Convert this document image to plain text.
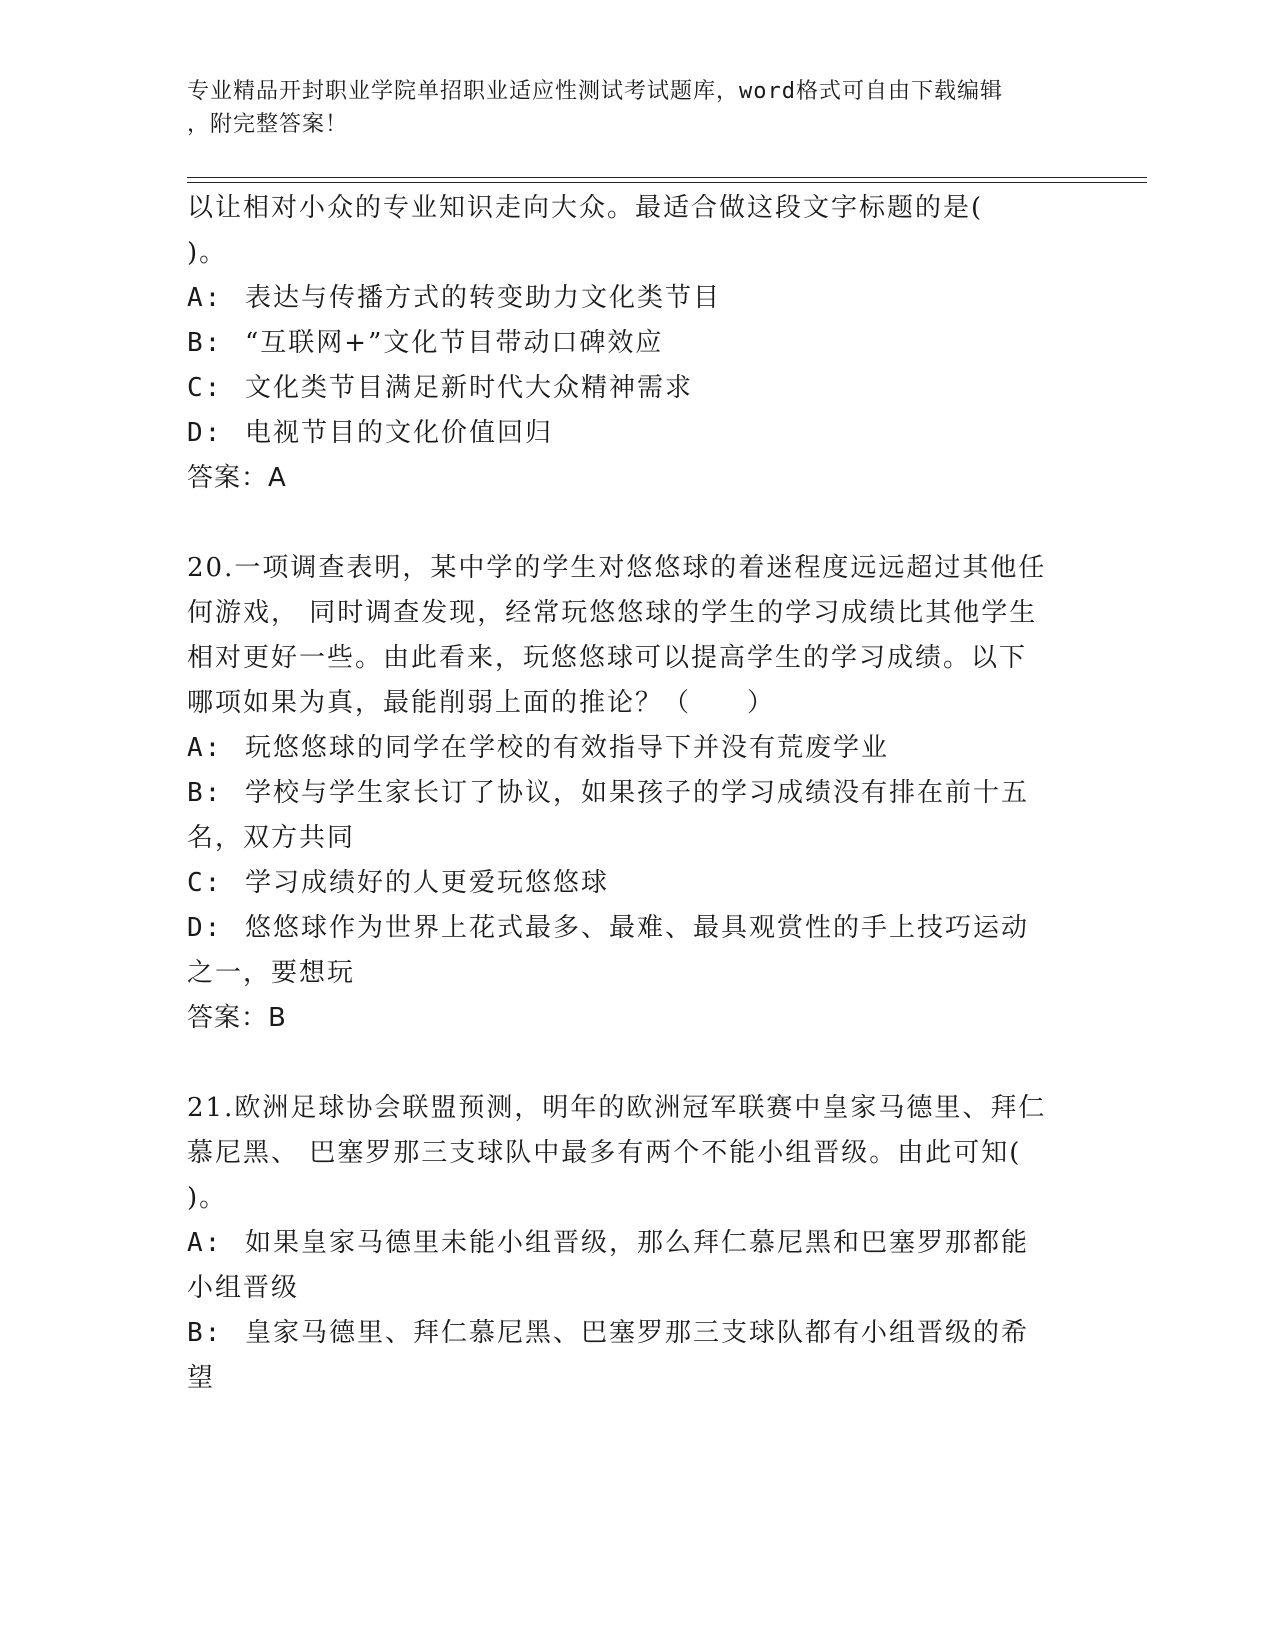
专业精品开封职业学院单招职业适应性测试考试题库，word格式可自由下载编辑
，附完整答案！
以让相对小众的专业知识走向大众。最适合做这段文字标题的是(
)。
A: 表达与传播方式的转变助力文化类节目
B: “互联网+”文化节目带动口碑效应
C: 文化类节目满足新时代大众精神需求
D: 电视节目的文化价值回归
答案：A
20.一项调查表明，某中学的学生对悠悠球的着迷程度远远超过其他任
何游戏， 同时调查发现，经常玩悠悠球的学生的学习成绩比其他学生
相对更好一些。由此看来，玩悠悠球可以提高学生的学习成绩。以下
哪项如果为真，最能削弱上面的推论？（　　）
A: 玩悠悠球的同学在学校的有效指导下并没有荒废学业
B: 学校与学生家长订了协议，如果孩子的学习成绩没有排在前十五
名，双方共同
C: 学习成绩好的人更爱玩悠悠球
D: 悠悠球作为世界上花式最多、最难、最具观赏性的手上技巧运动
之一，要想玩
答案：B
21.欧洲足球协会联盟预测，明年的欧洲冠军联赛中皇家马德里、拜仁
慕尼黑、 巴塞罗那三支球队中最多有两个不能小组晋级。由此可知(
)。
A: 如果皇家马德里未能小组晋级，那么拜仁慕尼黑和巴塞罗那都能
小组晋级
B: 皇家马德里、拜仁慕尼黑、巴塞罗那三支球队都有小组晋级的希
望
